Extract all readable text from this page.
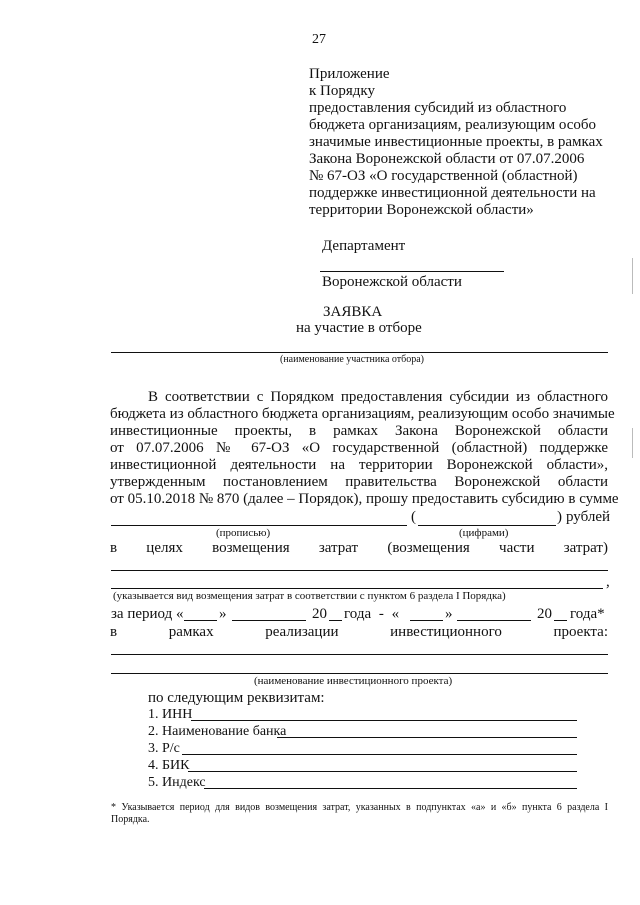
27
Приложение
к Порядку
предоставления субсидий из областного
бюджета организациям, реализующим особо
значимые инвестиционные проекты, в рамках
Закона Воронежской области от 07.07.2006
№ 67-ОЗ «О государственной (областной)
поддержке инвестиционной деятельности на
территории Воронежской области»
Департамент
Воронежской области
ЗАЯВКА
на участие в отборе
(наименование участника отбора)
В соответствии с Порядком предоставления субсидии из областного
бюджета из областного бюджета организациям, реализующим особо значимые
инвестиционные проекты, в рамках Закона Воронежской области
от 07.07.2006 № 67-ОЗ «О государственной (областной) поддержке
инвестиционной деятельности на территории Воронежской области»,
утвержденным постановлением правительства Воронежской области
от 05.10.2018 № 870 (далее – Порядок), прошу предоставить субсидию в сумме
(	) рублей
(прописью)	(цифрами)
в целях возмещения затрат (возмещения части затрат)
,
(указывается вид возмещения затрат в соответствии с пунктом 6 раздела I Порядка)
за период « »	20 года - «	»	20 года*
в рамках реализации инвестиционного проекта:
(наименование инвестиционного проекта)
по следующим реквизитам:
1. ИНН
2. Наименование банка
3. Р/с
4. БИК
5. Индекс
* Указывается период для видов возмещения затрат, указанных в подпунктах «а» и «б» пункта 6 раздела I
Порядка.
